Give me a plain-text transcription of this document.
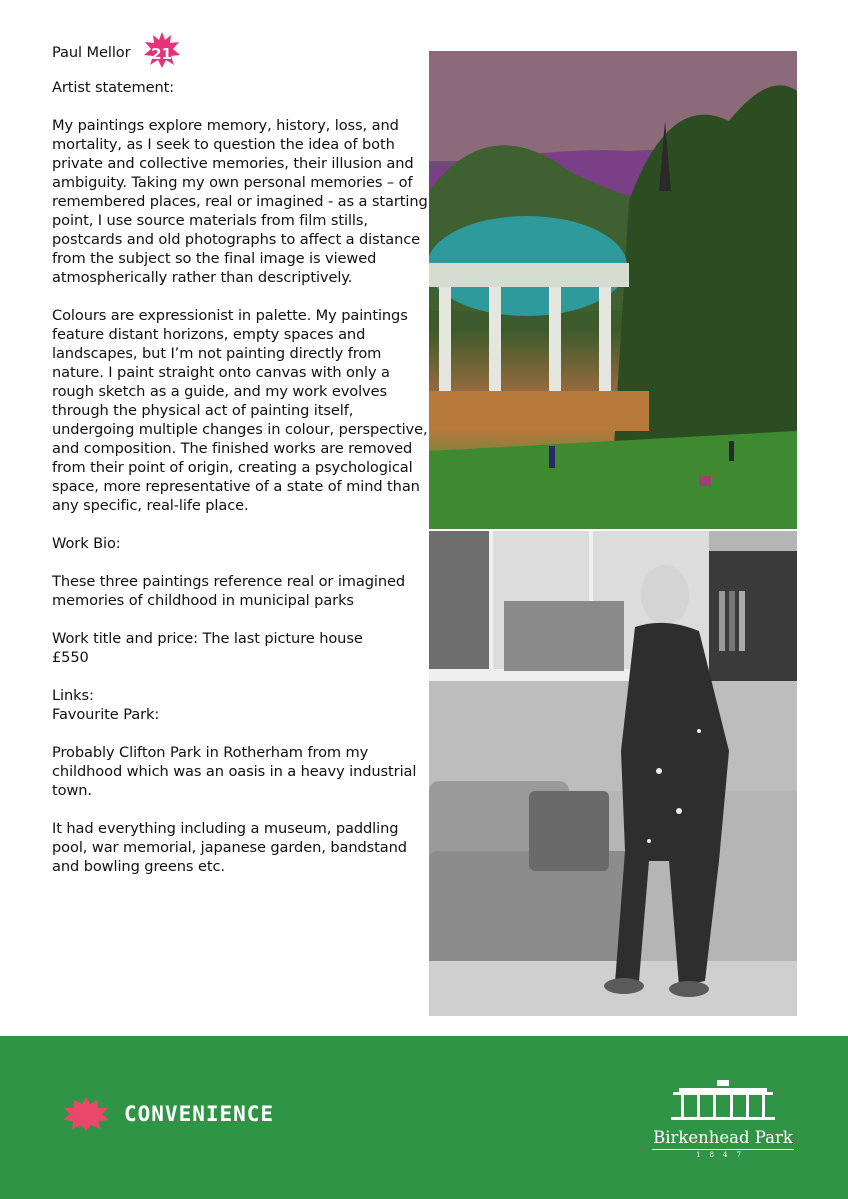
Paul Mellor	21

Artist statement:

My paintings explore memory, history, loss, and mortality, as I seek to question the idea of both private and collective memories, their illusion and ambiguity. Taking my own personal memories – of remembered places, real or imagined - as a starting point, I use source materials from film stills, postcards and old photographs to affect a distance from the subject so the final image is viewed atmospherically rather than descriptively.

Colours are expressionist in palette. My paintings feature distant horizons, empty spaces and landscapes, but I’m not painting directly from nature. I paint straight onto canvas with only a rough sketch as a guide, and my work evolves through the physical act of painting itself, undergoing multiple changes in colour, perspective, and composition. The finished works are removed from their point of origin, creating a psychological space, more representative of a state of mind than any specific, real-life place.

Work Bio:

These three paintings reference real or imagined memories of childhood in municipal parks

Work title and price: The last picture house
£550

Links:
Favourite Park:

Probably Clifton Park in Rotherham from my childhood which was an oasis in a heavy industrial town.

It had everything including a museum, paddling pool, war memorial, japanese garden, bandstand and bowling greens etc.

CONVENIENCE
Birkenhead Park
1847
